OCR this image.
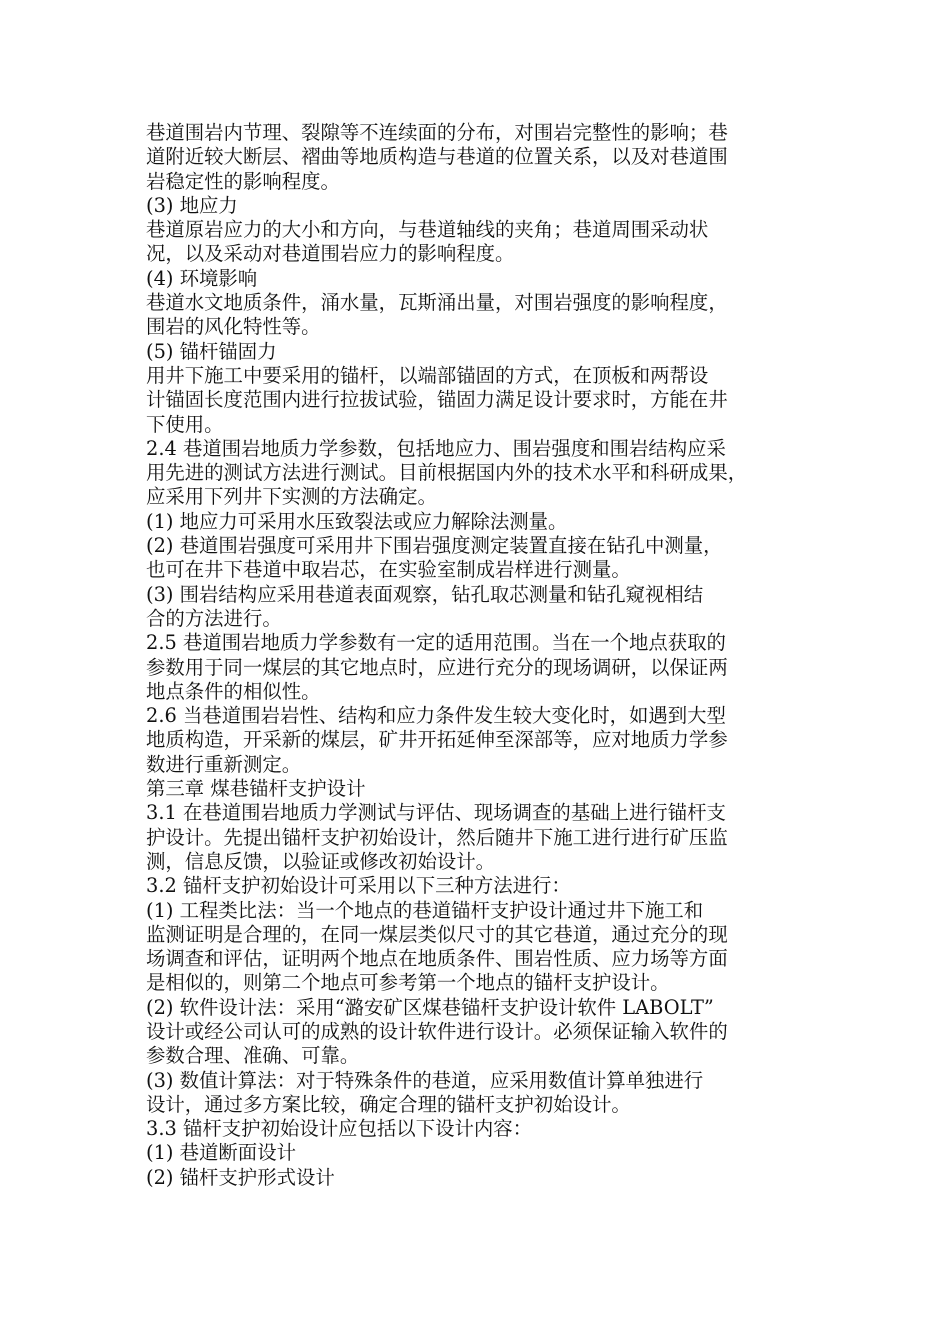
巷道围岩内节理、裂隙等不连续面的分布，对围岩完整性的影响；巷
道附近较大断层、褶曲等地质构造与巷道的位置关系，以及对巷道围
岩稳定性的影响程度。
(3) 地应力
巷道原岩应力的大小和方向，与巷道轴线的夹角；巷道周围采动状
况，以及采动对巷道围岩应力的影响程度。
(4) 环境影响
巷道水文地质条件，涌水量，瓦斯涌出量，对围岩强度的影响程度，
围岩的风化特性等。
(5) 锚杆锚固力
用井下施工中要采用的锚杆，以端部锚固的方式，在顶板和两帮设
计锚固长度范围内进行拉拔试验，锚固力满足设计要求时，方能在井
下使用。
2.4 巷道围岩地质力学参数，包括地应力、围岩强度和围岩结构应采
用先进的测试方法进行测试。目前根据国内外的技术水平和科研成果，
应采用下列井下实测的方法确定。
(1) 地应力可采用水压致裂法或应力解除法测量。
(2) 巷道围岩强度可采用井下围岩强度测定装置直接在钻孔中测量，
也可在井下巷道中取岩芯，在实验室制成岩样进行测量。
(3) 围岩结构应采用巷道表面观察，钻孔取芯测量和钻孔窥视相结
合的方法进行。
2.5 巷道围岩地质力学参数有一定的适用范围。当在一个地点获取的
参数用于同一煤层的其它地点时，应进行充分的现场调研，以保证两
地点条件的相似性。
2.6 当巷道围岩岩性、结构和应力条件发生较大变化时，如遇到大型
地质构造，开采新的煤层，矿井开拓延伸至深部等，应对地质力学参
数进行重新测定。
第三章 煤巷锚杆支护设计
3.1 在巷道围岩地质力学测试与评估、现场调查的基础上进行锚杆支
护设计。先提出锚杆支护初始设计，然后随井下施工进行进行矿压监
测，信息反馈，以验证或修改初始设计。
3.2 锚杆支护初始设计可采用以下三种方法进行：
(1) 工程类比法：当一个地点的巷道锚杆支护设计通过井下施工和
监测证明是合理的，在同一煤层类似尺寸的其它巷道，通过充分的现
场调查和评估，证明两个地点在地质条件、围岩性质、应力场等方面
是相似的，则第二个地点可参考第一个地点的锚杆支护设计。
(2) 软件设计法：采用“潞安矿区煤巷锚杆支护设计软件 LABOLT”
设计或经公司认可的成熟的设计软件进行设计。必须保证输入软件的
参数合理、准确、可靠。
(3) 数值计算法：对于特殊条件的巷道，应采用数值计算单独进行
设计，通过多方案比较，确定合理的锚杆支护初始设计。
3.3 锚杆支护初始设计应包括以下设计内容：
(1) 巷道断面设计
(2) 锚杆支护形式设计
